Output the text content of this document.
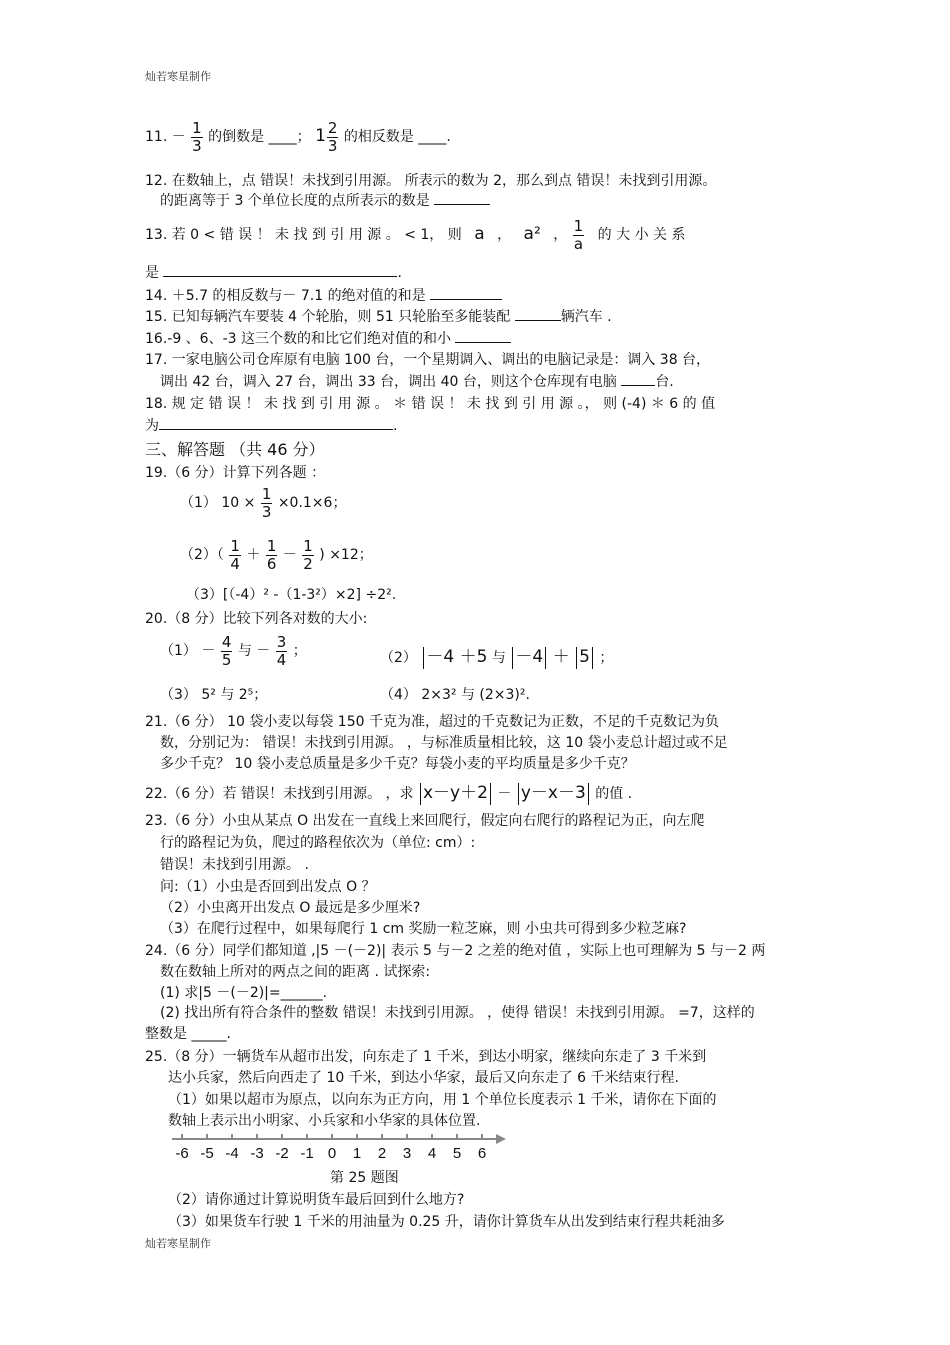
灿若寒星制作
11. － $\frac{1}{3}$ 的倒数是 ____； $1 \frac{2}{3}$ 的相反数是 ____.
12. 在数轴上，点 错误！未找到引用源。 所表示的数为 2，那么到点 错误！未找到引用源。
的距离等于 3 个单位长度的点所表示的数是
13. 若 0 < 错 误 ！ 未 找 到 引 用 源 。 < 1， 则 a ， a² ， $\frac{1}{a}$ 的 大 小 关 系
是	.
14. ＋5.7 的相反数与－ 7.1 的绝对值的和是
15. 已知每辆汽车要装 4 个轮胎，则 51 只轮胎至多能装配	辆汽车 .
16.-9 、6、-3 这三个数的和比它们绝对值的和小
17. 一家电脑公司仓库原有电脑 100 台，一个星期调入、调出的电脑记录是：调入 38 台，
调出 42 台，调入 27 台，调出 33 台，调出 40 台，则这个仓库现有电脑	台.
18. 规 定 错 误 ！ 未 找 到 引 用 源 。 ＊ 错 误 ！ 未 找 到 引 用 源 。， 则 (-4) ＊ 6 的 值
为	.
三、解答题 （共 46 分）
19.（6 分）计算下列各题 ：
（1） $10 \times \frac{1}{3} \times 0.1\times 6$；
$(2)( \frac{1}{4} + \frac{1}{6} - \frac{1}{2}$ ) ×12；
（3）[（-4）² -（1-3²）×2] ÷2².
20.（8 分）比较下列各对数的大小:
$(1) - \frac{4}{5}$ 与 － $\frac{3}{4}$ ；	（2） －4 ＋5 与 －4 ＋ 5 ；
（3） 5² 与 2⁵；	（4） 2×3² 与 (2×3)².
21.（6 分） 10 袋小麦以每袋 150 千克为准，超过的千克数记为正数，不足的千克数记为负
数，分别记为： 错误！未找到引用源。 ，与标准质量相比较，这 10 袋小麦总计超过或不足
多少千克？ 10 袋小麦总质量是多少千克？每袋小麦的平均质量是多少千克？
22.（6 分）若 错误！未找到引用源。 ，求 x－y＋2 － y－x－3 的值 .
23.（6 分）小虫从某点 O 出发在一直线上来回爬行，假定向右爬行的路程记为正，向左爬
行的路程记为负，爬过的路程依次为（单位: cm）:
错误！未找到引用源。 .
问:（1）小虫是否回到出发点 O ？
（2）小虫离开出发点 O 最远是多少厘米?
（3）在爬行过程中，如果每爬行 1 cm 奖励一粒芝麻，则 小虫共可得到多少粒芝麻?
24.（6 分）同学们都知道 ,|5 －(－2)| 表示 5 与－2 之差的绝对值 ，实际上也可理解为 5 与－2 两
数在数轴上所对的两点之间的距离 . 试探索:
(1) 求|5 －(－2)|=______.
(2) 找出所有符合条件的整数 错误！未找到引用源。 ，使得 错误！未找到引用源。 =7，这样的
整数是 _____.
25.（8 分）一辆货车从超市出发，向东走了 1 千米，到达小明家，继续向东走了 3 千米到
达小兵家，然后向西走了 10 千米，到达小华家，最后又向东走了 6 千米结束行程.
（1）如果以超市为原点，以向东为正方向，用 1 个单位长度表示 1 千米，请你在下面的
数轴上表示出小明家、小兵家和小华家的具体位置.
-6 -5 -4 -3 -2 -1 0 1 2 3 4 5 6
第 25 题图
（2）请你通过计算说明货车最后回到什么地方?
（3）如果货车行驶 1 千米的用油量为 0.25 升，请你计算货车从出发到结束行程共耗油多
灿若寒星制作
